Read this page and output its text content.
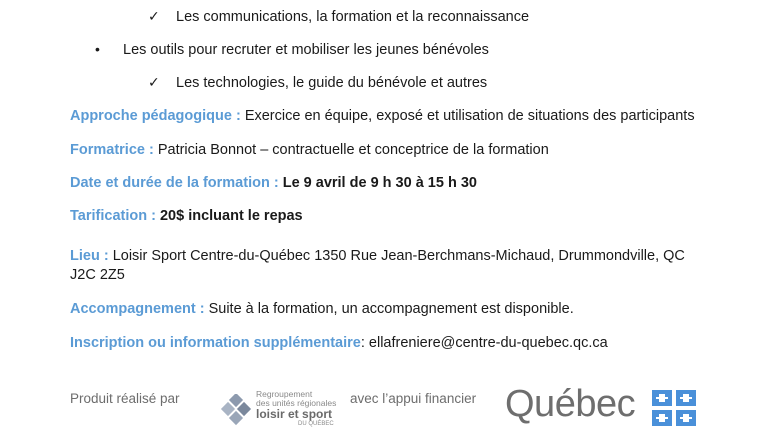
✓ Les communications, la formation et la reconnaissance
• Les outils pour recruter et mobiliser les jeunes bénévoles
✓ Les technologies, le guide du bénévole et autres
Approche pédagogique : Exercice en équipe, exposé et utilisation de situations des participants
Formatrice : Patricia Bonnot – contractuelle et conceptrice de la formation
Date et durée de la formation : Le 9 avril de 9 h 30 à 15 h 30
Tarification : 20$ incluant le repas
Lieu : Loisir Sport Centre-du-Québec 1350 Rue Jean-Berchmans-Michaud, Drummondville, QC
J2C 2Z5
Accompagnement : Suite à la formation, un accompagnement est disponible.
Inscription ou information supplémentaire: ellafreniere@centre-du-quebec.qc.ca
Produit réalisé par	Regroupement
des unités régionales
loisir et sport
DU QUÉBEC
avec l’appui financier Québec
